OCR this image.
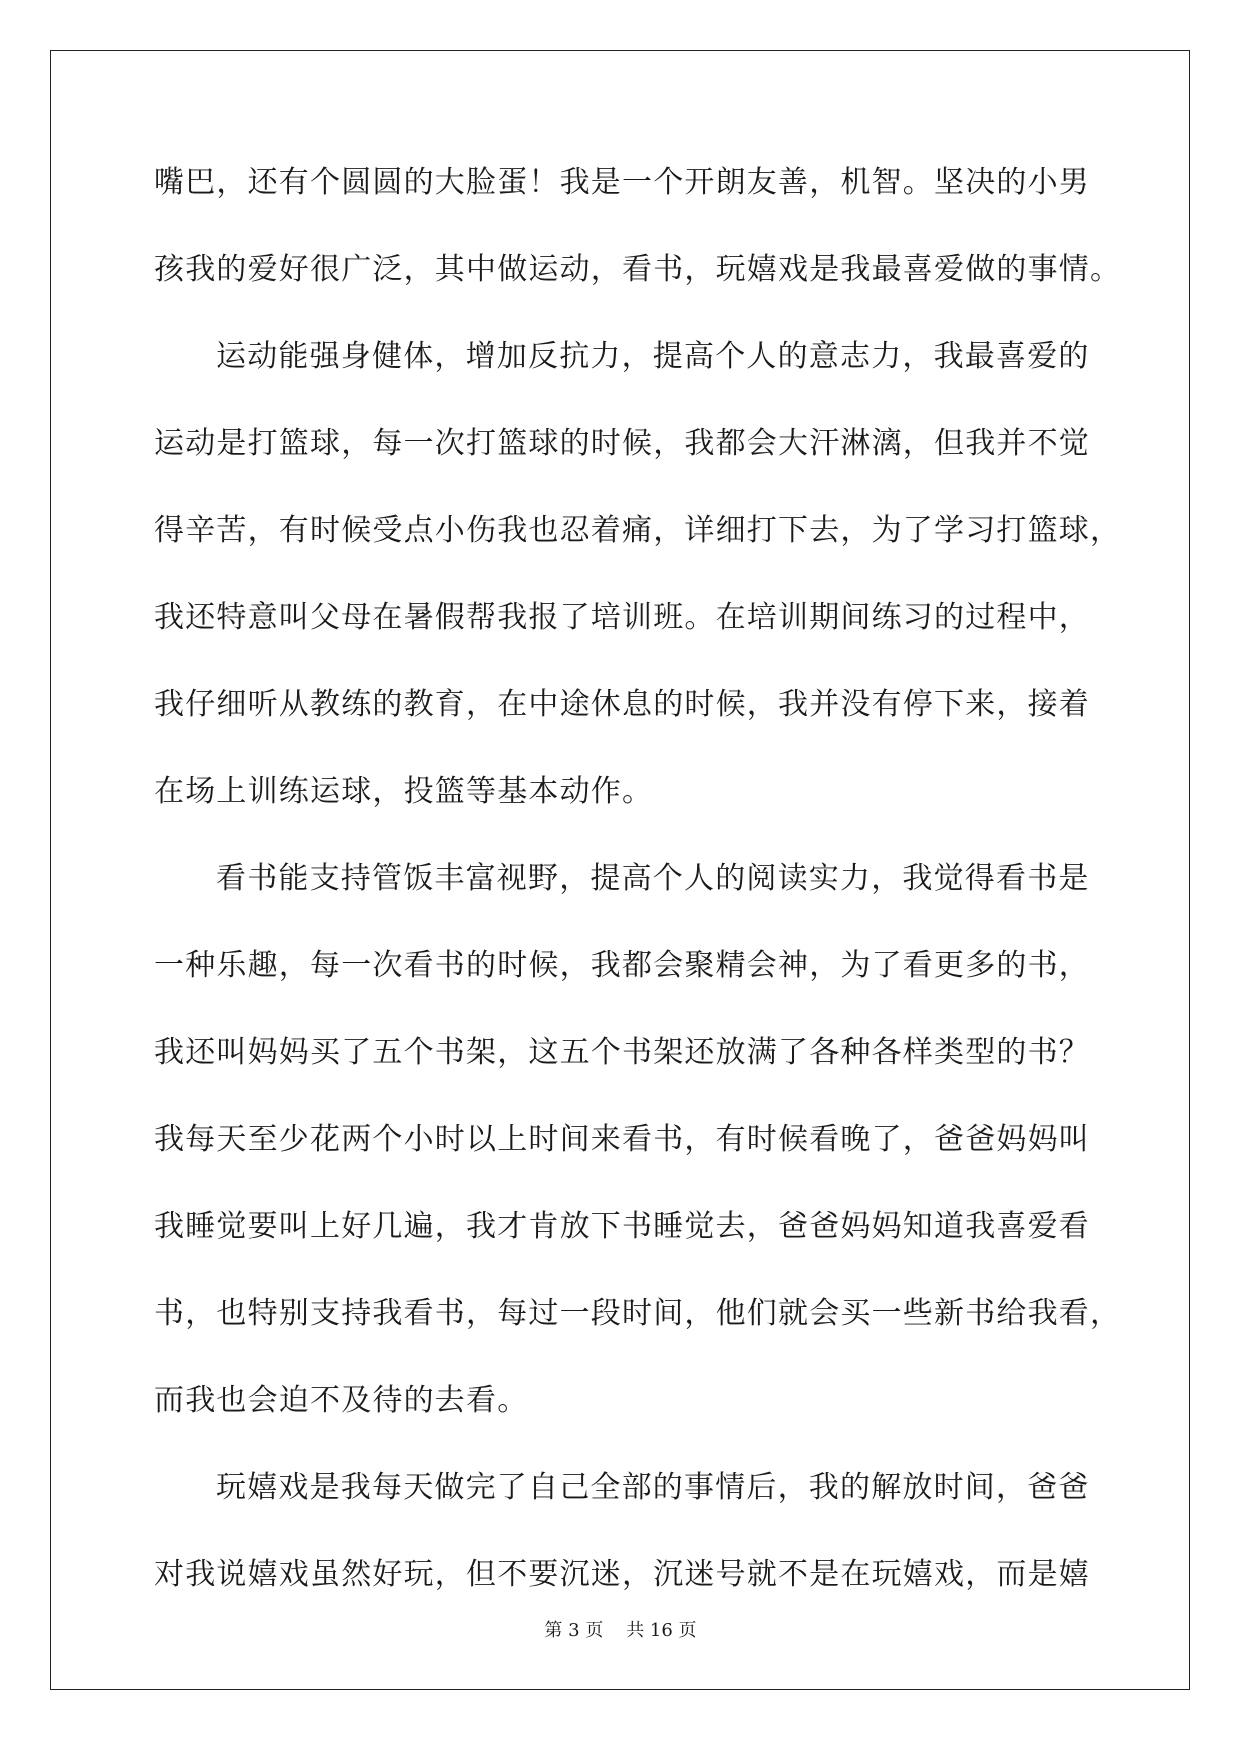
嘴巴，还有个圆圆的大脸蛋！我是一个开朗友善，机智。坚决的小男
孩我的爱好很广泛，其中做运动，看书，玩嬉戏是我最喜爱做的事情。
运动能强身健体，增加反抗力，提高个人的意志力，我最喜爱的
运动是打篮球，每一次打篮球的时候，我都会大汗淋漓，但我并不觉
得辛苦，有时候受点小伤我也忍着痛，详细打下去，为了学习打篮球，
我还特意叫父母在暑假帮我报了培训班。在培训期间练习的过程中，
我仔细听从教练的教育，在中途休息的时候，我并没有停下来，接着
在场上训练运球，投篮等基本动作。
看书能支持管饭丰富视野，提高个人的阅读实力，我觉得看书是
一种乐趣，每一次看书的时候，我都会聚精会神，为了看更多的书，
我还叫妈妈买了五个书架，这五个书架还放满了各种各样类型的书？
我每天至少花两个小时以上时间来看书，有时候看晚了，爸爸妈妈叫
我睡觉要叫上好几遍，我才肯放下书睡觉去，爸爸妈妈知道我喜爱看
书，也特别支持我看书，每过一段时间，他们就会买一些新书给我看，
而我也会迫不及待的去看。
玩嬉戏是我每天做完了自己全部的事情后，我的解放时间，爸爸
对我说嬉戏虽然好玩，但不要沉迷，沉迷号就不是在玩嬉戏，而是嬉
第 3 页    共 16 页
